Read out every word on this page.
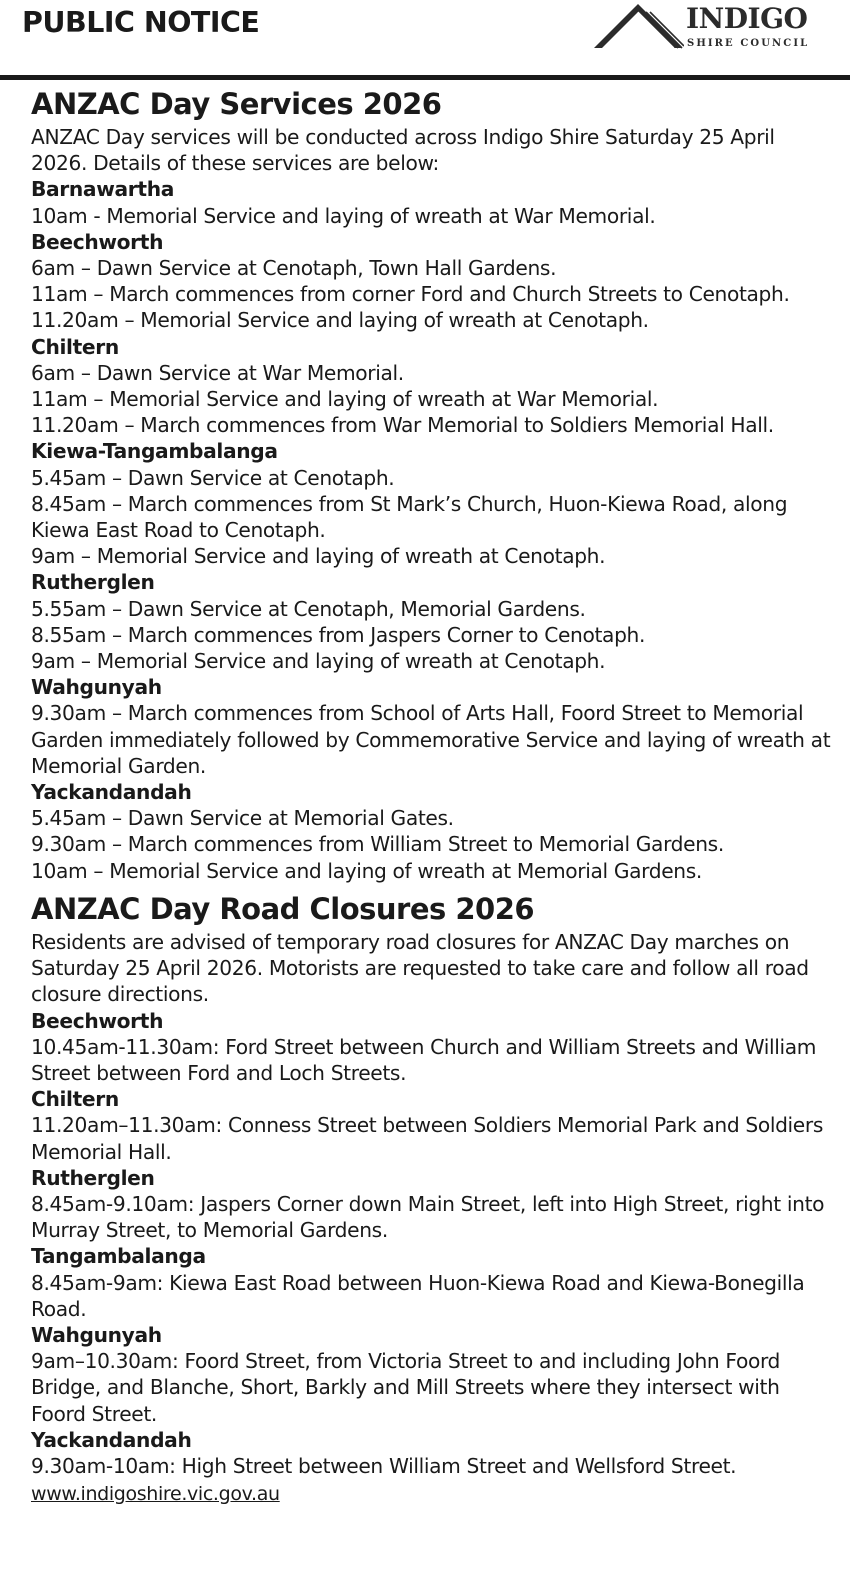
PUBLIC NOTICE	INDIGO
SHIRE COUNCIL
ANZAC Day Services 2026

ANZAC Day services will be conducted across Indigo Shire Saturday 25 April 2026. Details of these services are below:

Barnawartha

10am - Memorial Service and laying of wreath at War Memorial.

Beechworth

6am – Dawn Service at Cenotaph, Town Hall Gardens.

11am – March commences from corner Ford and Church Streets to Cenotaph.

11.20am – Memorial Service and laying of wreath at Cenotaph.

Chiltern

6am – Dawn Service at War Memorial.

11am – Memorial Service and laying of wreath at War Memorial.

11.20am – March commences from War Memorial to Soldiers Memorial Hall.

Kiewa-Tangambalanga

5.45am – Dawn Service at Cenotaph.

8.45am – March commences from St Mark’s Church, Huon-Kiewa Road, along Kiewa East Road to Cenotaph.

9am – Memorial Service and laying of wreath at Cenotaph.

Rutherglen

5.55am – Dawn Service at Cenotaph, Memorial Gardens.

8.55am – March commences from Jaspers Corner to Cenotaph.

9am – Memorial Service and laying of wreath at Cenotaph.

Wahgunyah

9.30am – March commences from School of Arts Hall, Foord Street to Memorial Garden immediately followed by Commemorative Service and laying of wreath at Memorial Garden.

Yackandandah

5.45am – Dawn Service at Memorial Gates.

9.30am – March commences from William Street to Memorial Gardens.

10am – Memorial Service and laying of wreath at Memorial Gardens.

ANZAC Day Road Closures 2026

Residents are advised of temporary road closures for ANZAC Day marches on Saturday 25 April 2026. Motorists are requested to take care and follow all road closure directions.

Beechworth

10.45am-11.30am: Ford Street between Church and William Streets and William Street between Ford and Loch Streets.

Chiltern

11.20am–11.30am: Conness Street between Soldiers Memorial Park and Soldiers Memorial Hall.

Rutherglen

8.45am-9.10am: Jaspers Corner down Main Street, left into High Street, right into Murray Street, to Memorial Gardens.

Tangambalanga

8.45am-9am: Kiewa East Road between Huon-Kiewa Road and Kiewa-Bonegilla Road.

Wahgunyah

9am–10.30am: Foord Street, from Victoria Street to and including John Foord Bridge, and Blanche, Short, Barkly and Mill Streets where they intersect with Foord Street.

Yackandandah

9.30am-10am: High Street between William Street and Wellsford Street.

www.indigoshire.vic.gov.au
